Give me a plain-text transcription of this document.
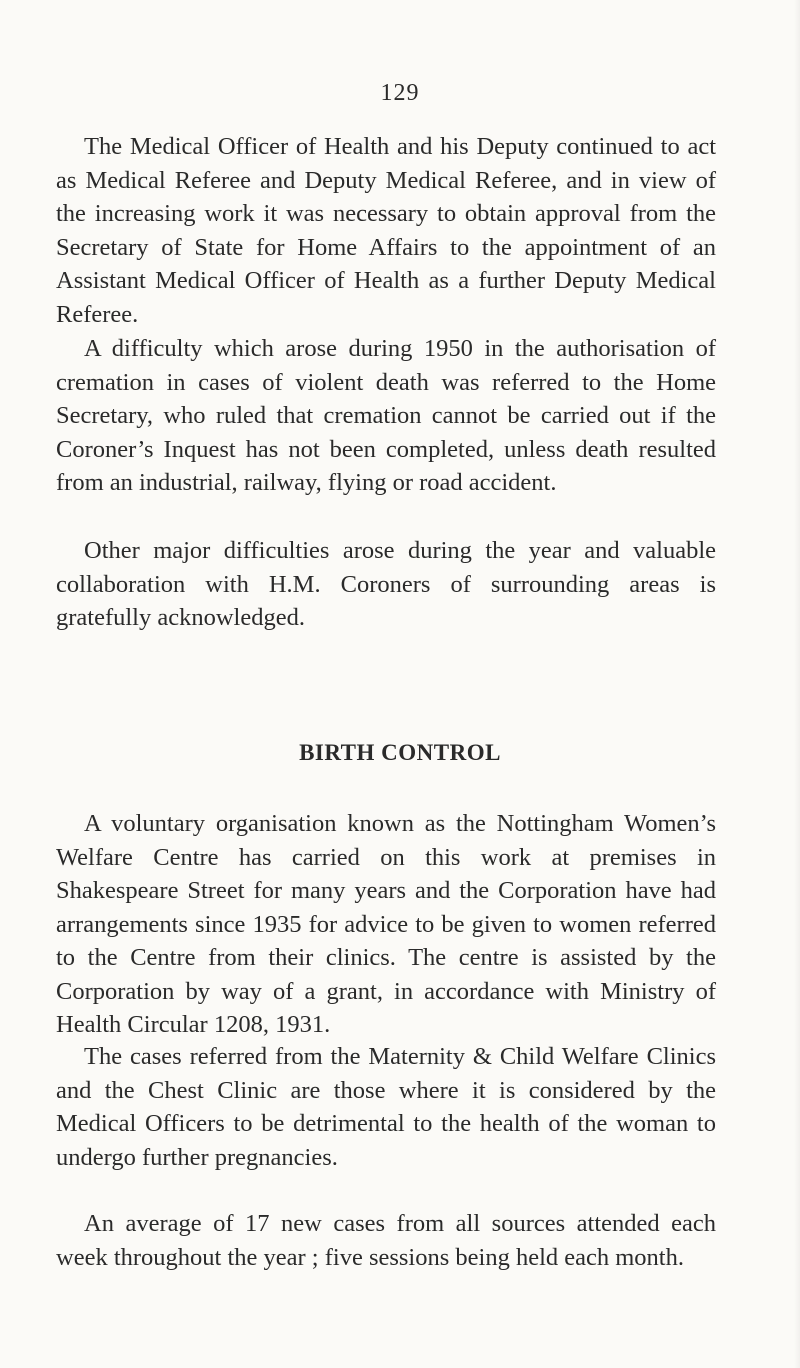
129

The Medical Officer of Health and his Deputy continued to act as Medical Referee and Deputy Medical Referee, and in view of the increasing work it was necessary to obtain approval from the Secretary of State for Home Affairs to the appointment of an Assistant Medical Officer of Health as a further Deputy Medical Referee.

A difficulty which arose during 1950 in the authorisation of cremation in cases of violent death was referred to the Home Secretary, who ruled that cremation cannot be carried out if the Coroner’s Inquest has not been completed, unless death resulted from an industrial, railway, flying or road accident.

Other major difficulties arose during the year and valuable collaboration with H.M. Coroners of surrounding areas is gratefully acknowledged.

BIRTH CONTROL

A voluntary organisation known as the Nottingham Women’s Welfare Centre has carried on this work at premises in Shakespeare Street for many years and the Corporation have had arrangements since 1935 for advice to be given to women referred to the Centre from their clinics. The centre is assisted by the Corporation by way of a grant, in accordance with Ministry of Health Circular 1208, 1931.

The cases referred from the Maternity & Child Welfare Clinics and the Chest Clinic are those where it is considered by the Medical Officers to be detrimental to the health of the woman to undergo further pregnancies.

An average of 17 new cases from all sources attended each week throughout the year ; five sessions being held each month.
